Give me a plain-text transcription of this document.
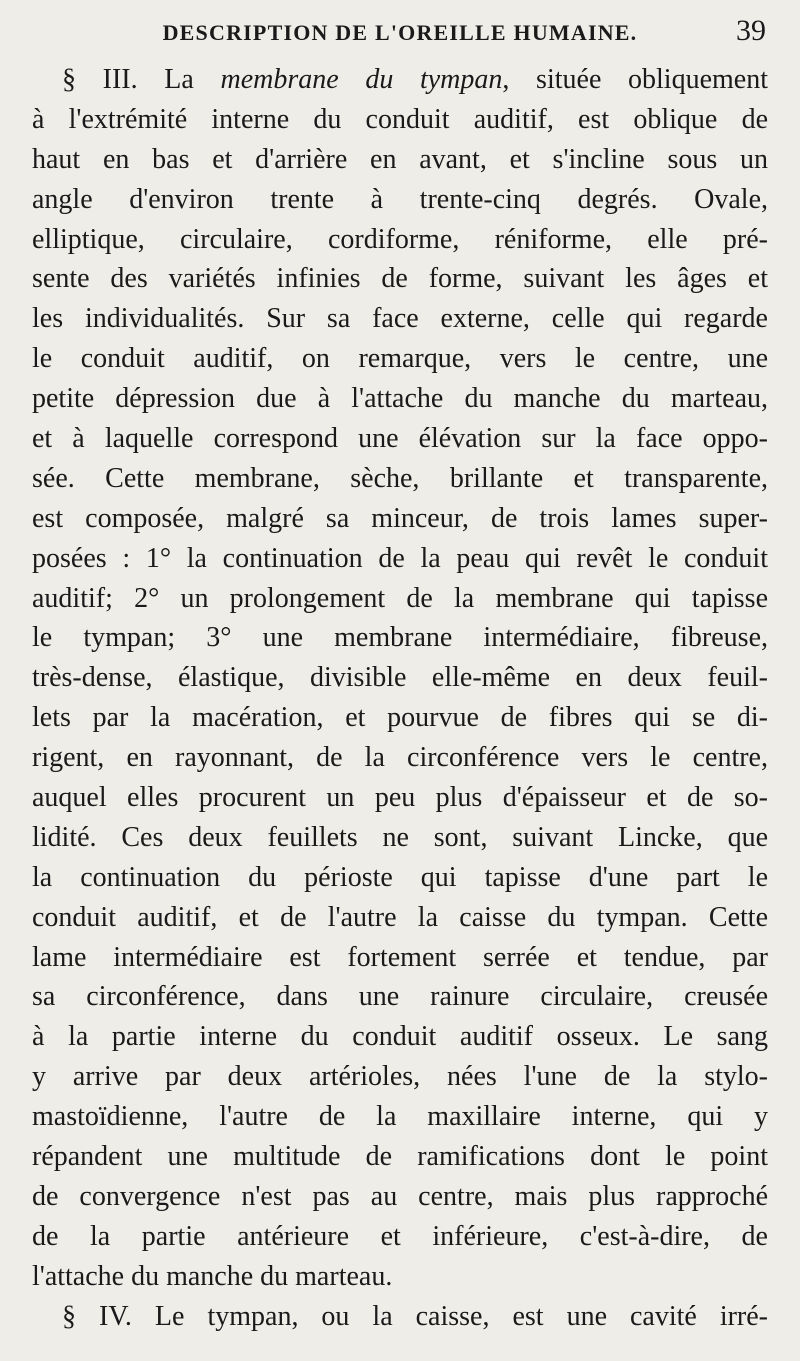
DESCRIPTION DE L'OREILLE HUMAINE.	39
§ III. La membrane du tympan, située obliquement
à l'extrémité interne du conduit auditif, est oblique de
haut en bas et d'arrière en avant, et s'incline sous un
angle d'environ trente à trente-cinq degrés. Ovale,
elliptique, circulaire, cordiforme, réniforme, elle pré-
sente des variétés infinies de forme, suivant les âges et
les individualités. Sur sa face externe, celle qui regarde
le conduit auditif, on remarque, vers le centre, une
petite dépression due à l'attache du manche du marteau,
et à laquelle correspond une élévation sur la face oppo-
sée. Cette membrane, sèche, brillante et transparente,
est composée, malgré sa minceur, de trois lames super-
posées : 1° la continuation de la peau qui revêt le conduit
auditif; 2° un prolongement de la membrane qui tapisse
le tympan; 3° une membrane intermédiaire, fibreuse,
très-dense, élastique, divisible elle-même en deux feuil-
lets par la macération, et pourvue de fibres qui se di-
rigent, en rayonnant, de la circonférence vers le centre,
auquel elles procurent un peu plus d'épaisseur et de so-
lidité. Ces deux feuillets ne sont, suivant Lincke, que
la continuation du périoste qui tapisse d'une part le
conduit auditif, et de l'autre la caisse du tympan. Cette
lame intermédiaire est fortement serrée et tendue, par
sa circonférence, dans une rainure circulaire, creusée
à la partie interne du conduit auditif osseux. Le sang
y arrive par deux artérioles, nées l'une de la stylo-
mastoïdienne, l'autre de la maxillaire interne, qui y
répandent une multitude de ramifications dont le point
de convergence n'est pas au centre, mais plus rapproché
de la partie antérieure et inférieure, c'est-à-dire, de
l'attache du manche du marteau.
§ IV. Le tympan, ou la caisse, est une cavité irré-
